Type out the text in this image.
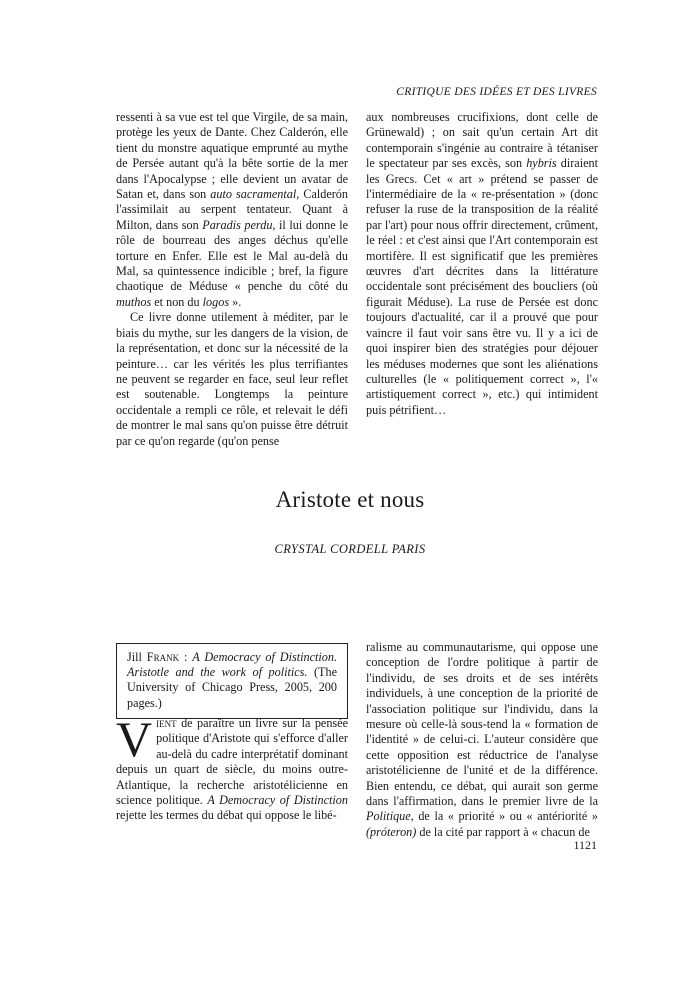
CRITIQUE DES IDÉES ET DES LIVRES

ressenti à sa vue est tel que Virgile, de sa main, protège les yeux de Dante. Chez Calderón, elle tient du monstre aquatique emprunté au mythe de Persée autant qu'à la bête sortie de la mer dans l'Apocalypse ; elle devient un avatar de Satan et, dans son auto sacramental, Calderón l'assimilait au serpent tentateur. Quant à Milton, dans son Paradis perdu, il lui donne le rôle de bourreau des anges déchus qu'elle torture en Enfer. Elle est le Mal au-delà du Mal, sa quintessence indicible ; bref, la figure chaotique de Méduse « penche du côté du muthos et non du logos ».

Ce livre donne utilement à méditer, par le biais du mythe, sur les dangers de la vision, de la représentation, et donc sur la nécessité de la peinture… car les vérités les plus terrifiantes ne peuvent se regarder en face, seul leur reflet est soutenable. Longtemps la peinture occidentale a rempli ce rôle, et relevait le défi de montrer le mal sans qu'on puisse être détruit par ce qu'on regarde (qu'on pense

aux nombreuses crucifixions, dont celle de Grünewald) ; on sait qu'un certain Art dit contemporain s'ingénie au contraire à tétaniser le spectateur par ses excès, son hybris diraient les Grecs. Cet « art » prétend se passer de l'intermédiaire de la « re-présentation » (donc refuser la ruse de la transposition de la réalité par l'art) pour nous offrir directement, crûment, le réel : et c'est ainsi que l'Art contemporain est mortifère. Il est significatif que les premières œuvres d'art décrites dans la littérature occidentale sont précisément des boucliers (où figurait Méduse). La ruse de Persée est donc toujours d'actualité, car il a prouvé que pour vaincre il faut voir sans être vu. Il y a ici de quoi inspirer bien des stratégies pour déjouer les méduses modernes que sont les aliénations culturelles (le « politiquement correct », l'« artistiquement correct », etc.) qui intimident puis pétrifient…

Aristote et nous
CRYSTAL CORDELL PARIS
Jill Frank : A Democracy of Distinction. Aristotle and the work of politics. (The University of Chicago Press, 2005, 200 pages.)

Vient de paraître un livre sur la pensée politique d'Aristote qui s'efforce d'aller au-delà du cadre interprétatif dominant depuis un quart de siècle, du moins outre-Atlantique, la recherche aristotélicienne en science politique. A Democracy of Distinction rejette les termes du débat qui oppose le libé-

ralisme au communautarisme, qui oppose une conception de l'ordre politique à partir de l'individu, de ses droits et de ses intérêts individuels, à une conception de la priorité de l'association politique sur l'individu, dans la mesure où celle-là sous-tend la « formation de l'identité » de celui-ci. L'auteur considère que cette opposition est réductrice de l'analyse aristotélicienne de l'unité et de la différence. Bien entendu, ce débat, qui aurait son germe dans l'affirmation, dans le premier livre de la Politique, de la « priorité » ou « antériorité » (próteron) de la cité par rapport à « chacun de

1121
